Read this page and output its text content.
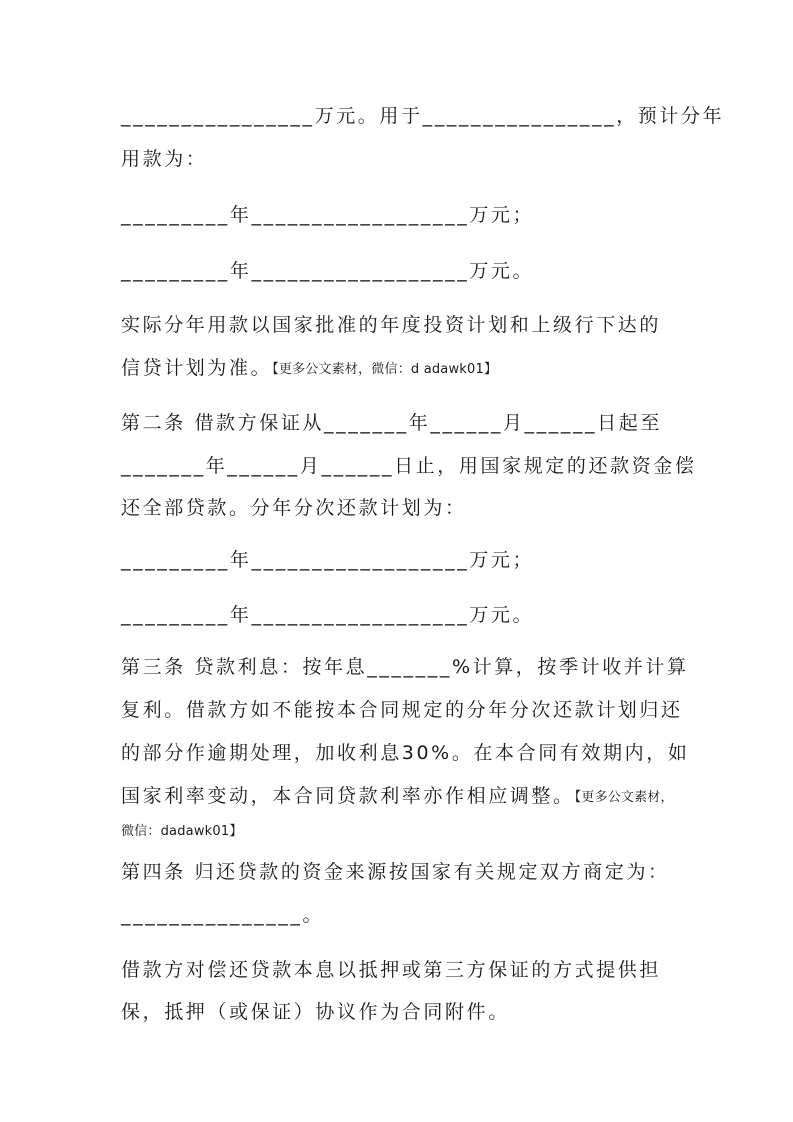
________________万元。用于________________，预计分年
用款为：
_________年__________________万元；
_________年__________________万元。
实际分年用款以国家批准的年度投资计划和上级行下达的
信贷计划为准。【更多公文素材，微信：d adawk01】
第二条 借款方保证从_______年______月______日起至
_______年______月______日止，用国家规定的还款资金偿
还全部贷款。分年分次还款计划为：
_________年__________________万元；
_________年__________________万元。
第三条 贷款利息：按年息_______%计算，按季计收并计算
复利。借款方如不能按本合同规定的分年分次还款计划归还
的部分作逾期处理，加收利息30%。在本合同有效期内，如
国家利率变动，本合同贷款利率亦作相应调整。【更多公文素材，
微信：dadawk01】
第四条 归还贷款的资金来源按国家有关规定双方商定为：
_______________。
借款方对偿还贷款本息以抵押或第三方保证的方式提供担
保，抵押（或保证）协议作为合同附件。
